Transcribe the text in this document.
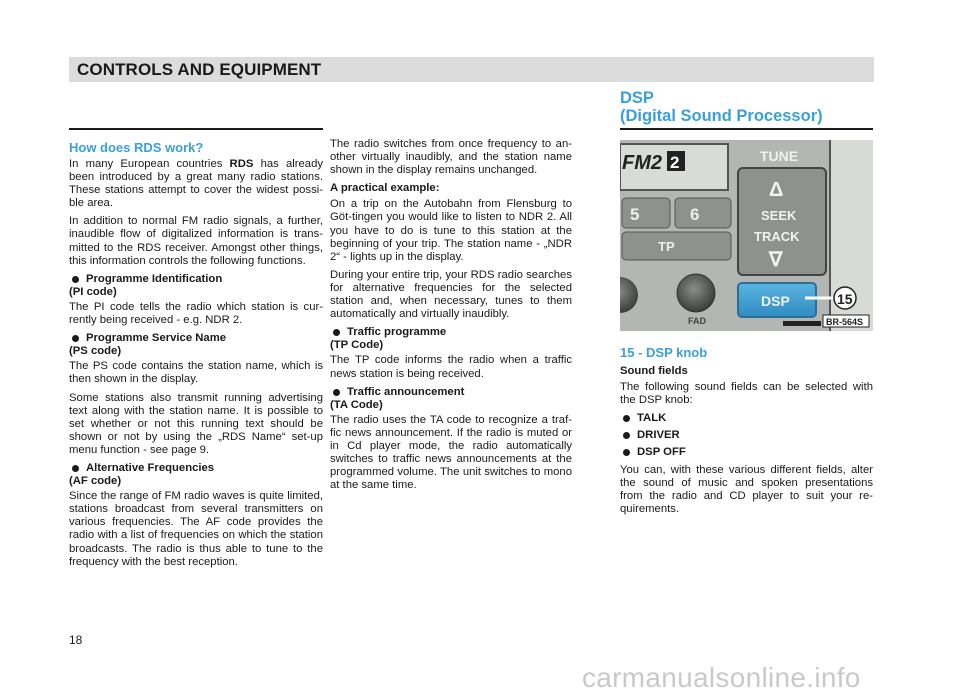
CONTROLS AND EQUIPMENT
DSP
(Digital Sound Processor)
How does RDS work?

In many European countries RDS has already been introduced by a great many radio stations. These stations attempt to cover the widest possi-ble area.

In addition to normal FM radio signals, a further, inaudible flow of digitalized information is trans-mitted to the RDS receiver. Amongst other things, this information controls the following functions.

Programme Identification
(PI code)

The PI code tells the radio which station is cur-rently being received - e.g. NDR 2.

Programme Service Name
(PS code)

The PS code contains the station name, which is then shown in the display.

Some stations also transmit running advertising text along with the station name. It is possible to set whether or not this running text should be shown or not by using the „RDS Name“ set-up menu function - see page 9.

Alternative Frequencies
(AF code)

Since the range of FM radio waves is quite limited, stations broadcast from several transmitters on various frequencies. The AF code provides the radio with a list of frequencies on which the station broadcasts. The radio is thus able to tune to the frequency with the best reception.

The radio switches from once frequency to an-other virtually inaudibly, and the station name shown in the display remains unchanged.

A practical example:

On a trip on the Autobahn from Flensburg to Göt-tingen you would like to listen to NDR 2. All you have to do is tune to this station at the beginning of your trip. The station name - „NDR 2“ - lights up in the display.

During your entire trip, your RDS radio searches for alternative frequencies for the selected station and, when necessary, tunes to them automatically and virtually inaudibly.

Traffic programme
(TP Code)

The TP code informs the radio when a traffic news station is being received.

Traffic announcement
(TA Code)

The radio uses the TA code to recognize a traf-fic news announcement. If the radio is muted or in Cd player mode, the radio automatically switches to traffic news announcements at the programmed volume. The unit switches to mono at the same time.

FM2 2
5	6
TP
FAD
TUNE
Δ
SEEK
TRACK
∇
DSP	15
BR-564S
15 - DSP knob
Sound fields

The following sound fields can be selected with the DSP knob:

TALK
DRIVER
DSP OFF

You can, with these various different fields, alter the sound of music and spoken presentations from the radio and CD player to suit your re-quirements.

18
carmanualsonline.info
